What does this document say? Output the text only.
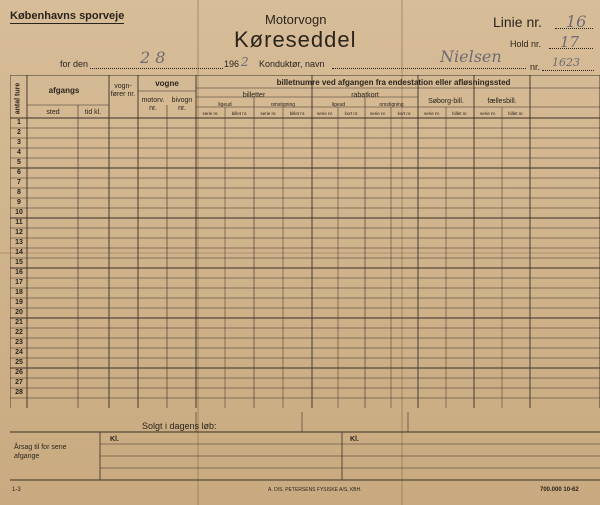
Københavns sporveje	Motorvogn
Køreseddel
Linie nr. 16
Hold nr. 17
for den	2 8	196 2 Konduktør, navn	Nielsen
nr. 1623
antal ture	afgangs
sted	tid kl.
vogn-fører nr.
vogne
motorv. nr.
bivogn nr.
billetnumre ved afgangen fra endestation eller afløsningssted
billetter	rabatkort
ligeud	omstigning	ligeud	omstigning	Søborg-bill.	fællesbill.
serie nr.	billet nr.	serie nr.	billet nr.	serie nr.	kort nr.	serie nr.	kort nr.	serie nr.	billet nr.	serie nr.	billet nr.
1
2
3
4
5
6
7
8
9
10
11
12
13
14
15
16
17
18
19
20
21
22
23
24
25
26
27
28
Solgt i dagens løb:
Årsag til for sene afgange
Kl.	Kl.
1-3	A. DIS. PETERSENS FYSISKE A/S, KBH.	700.000 10-62
